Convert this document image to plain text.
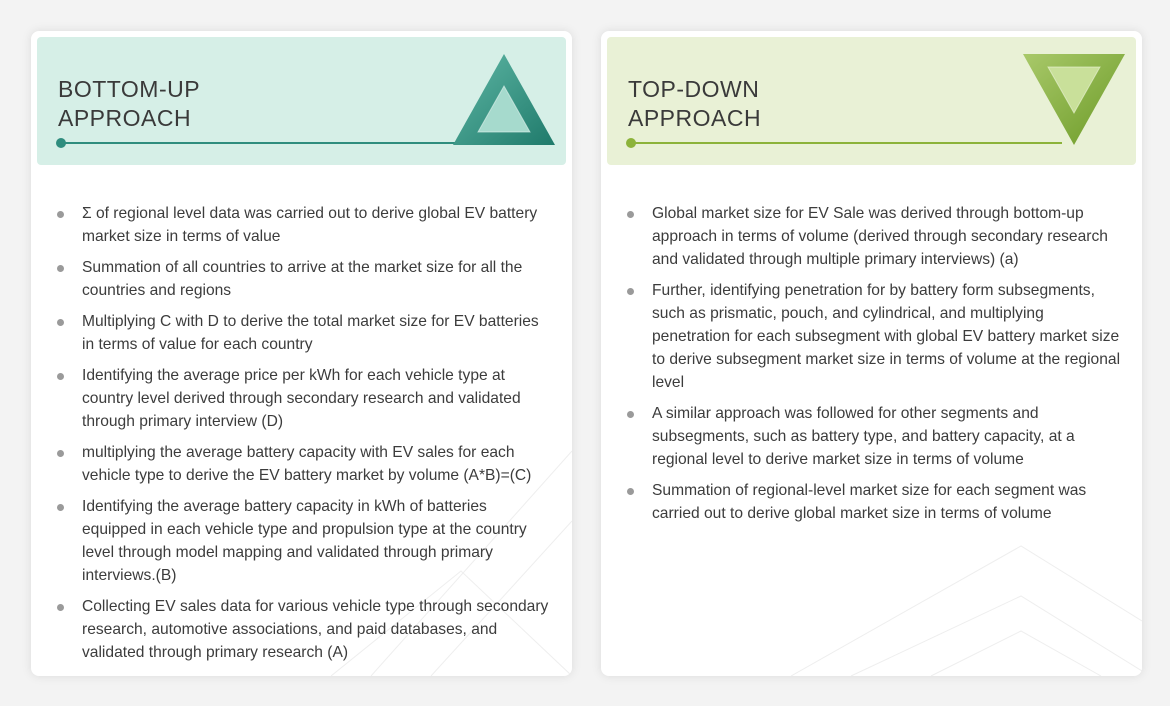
BOTTOM-UP
APPROACH
Σ of regional level data was carried out to derive global EV battery market size in terms of value
Summation of all countries to arrive at the market size for all the countries and regions
Multiplying C with D to derive the total market size for EV batteries in terms of value for each country
Identifying the average price per kWh for each vehicle type at country level derived through secondary research and validated through primary interview (D)
multiplying the average battery capacity with EV sales for each vehicle type to derive the EV battery market by volume (A*B)=(C)
Identifying the average battery capacity in kWh of batteries equipped in each vehicle type and propulsion type at the country level through model mapping and validated through primary interviews.(B)
Collecting EV sales data for various vehicle type through secondary research, automotive associations, and paid databases, and validated through primary research (A)
TOP-DOWN
APPROACH
Global market size for EV Sale was derived through bottom-up approach in terms of volume (derived through secondary research and validated through multiple primary interviews) (a)
Further, identifying penetration for by battery form subsegments, such as prismatic, pouch, and cylindrical, and multiplying penetration for each subsegment with global EV battery market size to derive subsegment market size in terms of volume at the regional level
A similar approach was followed for other segments and subsegments, such as battery type, and battery capacity, at a regional level to derive market size in terms of volume
Summation of regional-level market size for each segment was carried out to derive global market size in terms of volume
